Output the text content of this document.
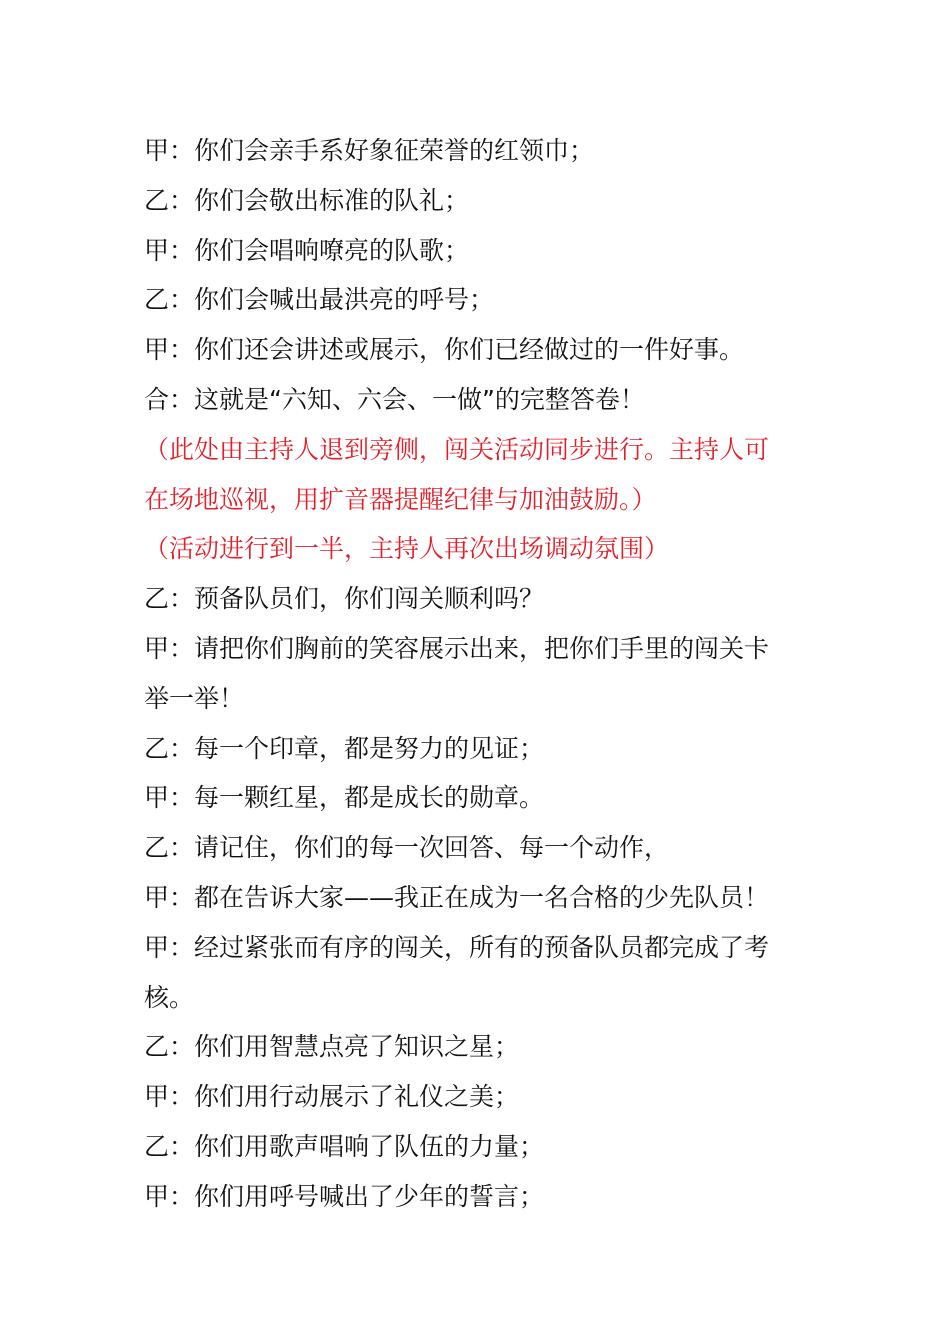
甲：你们会亲手系好象征荣誉的红领巾；
乙：你们会敬出标准的队礼；
甲：你们会唱响嘹亮的队歌；
乙：你们会喊出最洪亮的呼号；
甲：你们还会讲述或展示，你们已经做过的一件好事。
合：这就是“六知、六会、一做”的完整答卷！
（此处由主持人退到旁侧，闯关活动同步进行。主持人可
在场地巡视，用扩音器提醒纪律与加油鼓励。）
（活动进行到一半，主持人再次出场调动氛围）
乙：预备队员们，你们闯关顺利吗？
甲：请把你们胸前的笑容展示出来，把你们手里的闯关卡
举一举！
乙：每一个印章，都是努力的见证；
甲：每一颗红星，都是成长的勋章。
乙：请记住，你们的每一次回答、每一个动作，
甲：都在告诉大家——我正在成为一名合格的少先队员！
甲：经过紧张而有序的闯关，所有的预备队员都完成了考
核。
乙：你们用智慧点亮了知识之星；
甲：你们用行动展示了礼仪之美；
乙：你们用歌声唱响了队伍的力量；
甲：你们用呼号喊出了少年的誓言；
